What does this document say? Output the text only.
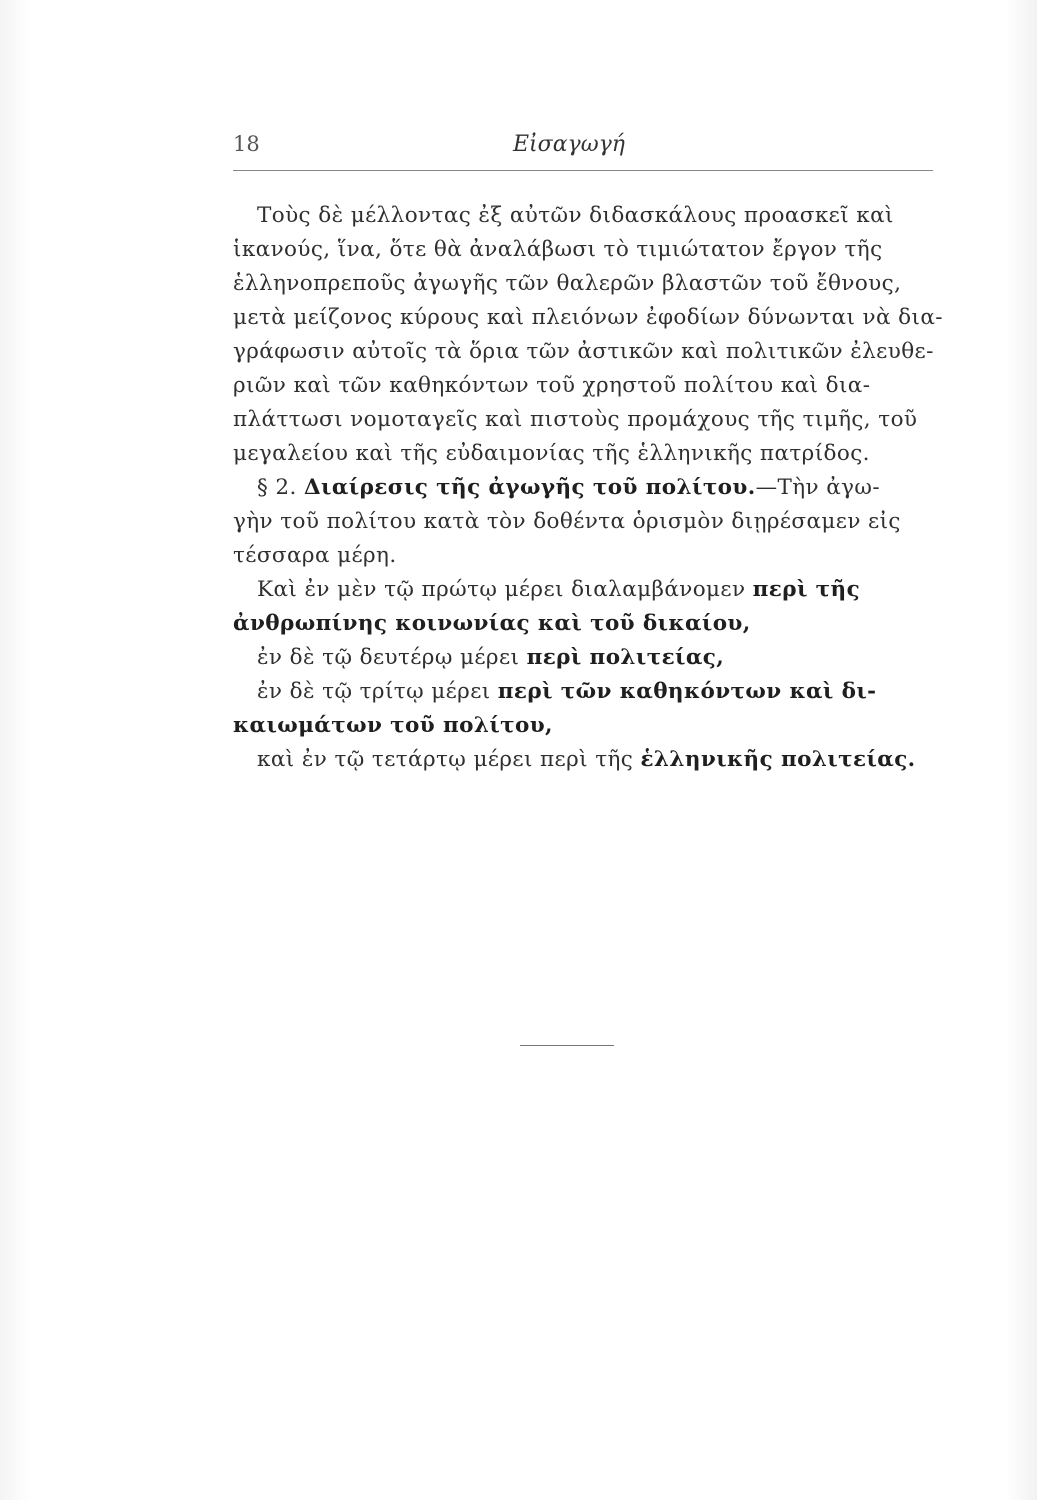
18	Εἰσαγωγή
Τοὺς δὲ μέλλοντας ἐξ αὐτῶν διδασκάλους προασκεῖ καὶ
ἱκανούς, ἵνα, ὅτε θὰ ἀναλάβωσι τὸ τιμιώτατον ἔργον τῆς
ἑλληνοπρεποῦς ἀγωγῆς τῶν θαλερῶν βλαστῶν τοῦ ἔθνους,
μετὰ μείζονος κύρους καὶ πλειόνων ἐφοδίων δύνωνται νὰ δια-
γράφωσιν αὐτοῖς τὰ ὅρια τῶν ἀστικῶν καὶ πολιτικῶν ἐλευθε-
ριῶν καὶ τῶν καθηκόντων τοῦ χρηστοῦ πολίτου καὶ δια-
πλάττωσι νομοταγεῖς καὶ πιστοὺς προμάχους τῆς τιμῆς, τοῦ
μεγαλείου καὶ τῆς εὐδαιμονίας τῆς ἑλληνικῆς πατρίδος.
§ 2.
Διαίρεσις τῆς ἀγωγῆς τοῦ πολίτου. —Τὴν ἀγω-
γὴν τοῦ πολίτου κατὰ τὸν δοθέντα ὁρισμὸν διῃρέσαμεν εἰς
τέσσαρα μέρη.
Καὶ ἐν μὲν τῷ πρώτῳ μέρει διαλαμβάνομεν
περὶ τῆς
ἀνθρωπίνης κοινωνίας καὶ τοῦ δικαίου,
ἐν δὲ τῷ δευτέρῳ μέρει
περὶ πολιτείας,
ἐν δὲ τῷ τρίτῳ μέρει
περὶ τῶν καθηκόντων καὶ δι-
καιωμάτων τοῦ πολίτου,
καὶ ἐν τῷ τετάρτῳ μέρει περὶ τῆς
ἑλληνικῆς πολιτείας.
